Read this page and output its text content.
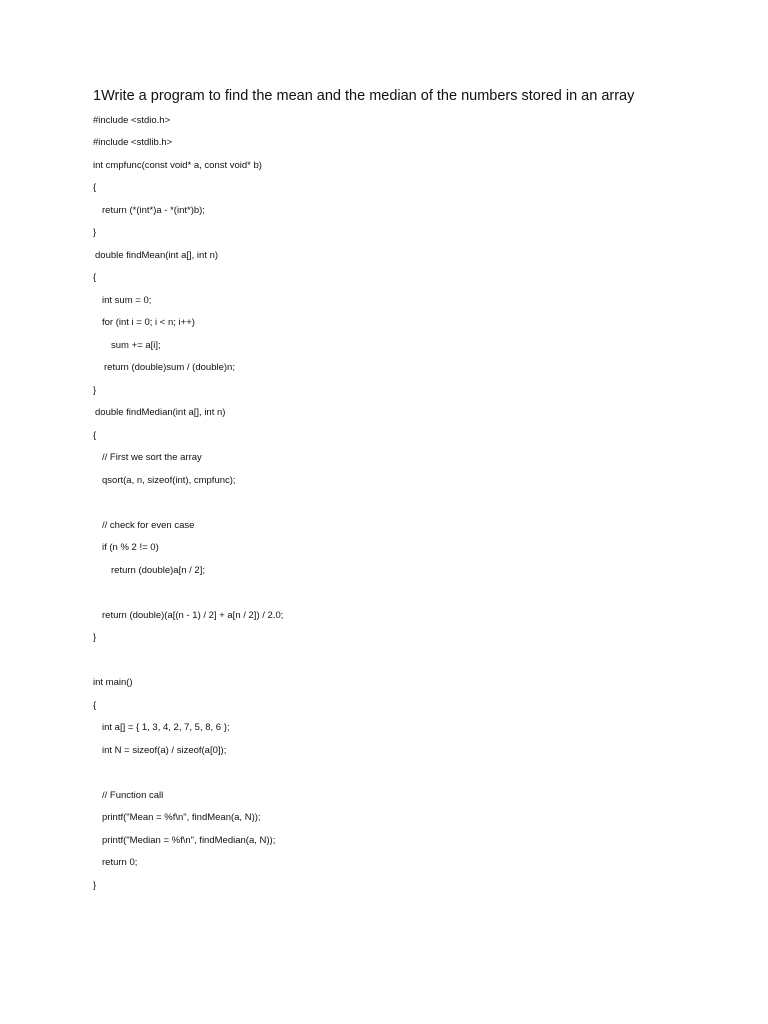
1Write a program to find the mean and the median of the numbers stored in an array
#include <stdio.h>
#include <stdlib.h>
int cmpfunc(const void* a, const void* b)
{
return (*(int*)a - *(int*)b);
}
double findMean(int a[], int n)
{
int sum = 0;
for (int i = 0; i < n; i++)
sum += a[i];
return (double)sum / (double)n;
}
double findMedian(int a[], int n)
{
// First we sort the array
qsort(a, n, sizeof(int), cmpfunc);
// check for even case
if (n % 2 != 0)
return (double)a[n / 2];
return (double)(a[(n - 1) / 2] + a[n / 2]) / 2.0;
}
int main()
{
int a[] = { 1, 3, 4, 2, 7, 5, 8, 6 };
int N = sizeof(a) / sizeof(a[0]);
// Function call
printf("Mean = %f\n", findMean(a, N));
printf("Median = %f\n", findMedian(a, N));
return 0;
}
